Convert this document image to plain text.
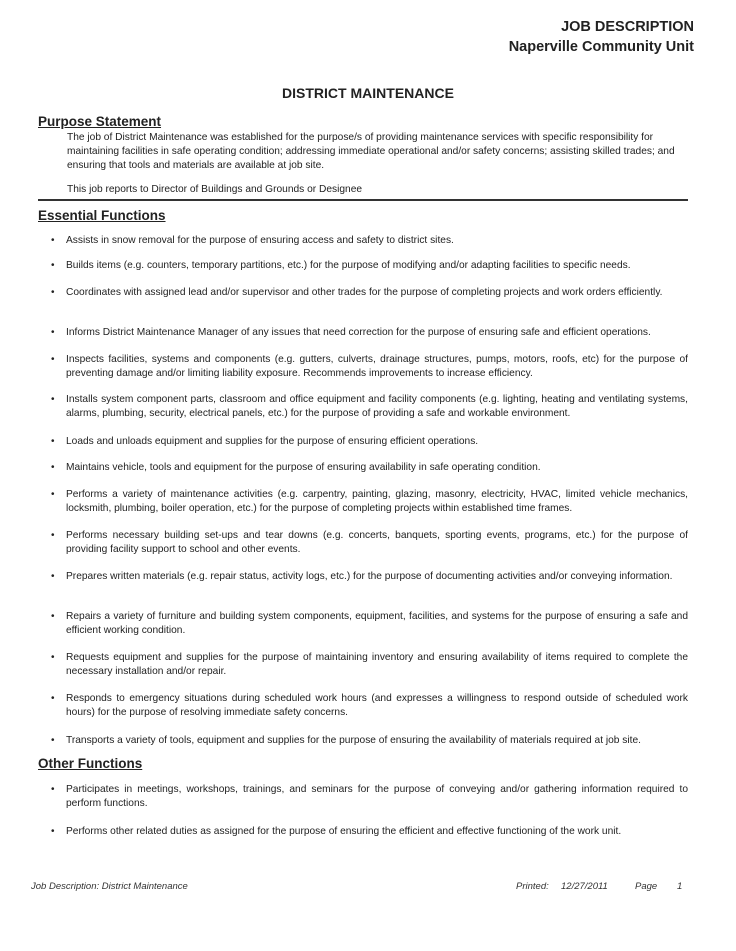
JOB DESCRIPTION
Naperville Community Unit
DISTRICT MAINTENANCE
Purpose Statement
The job of District Maintenance was established for the purpose/s of providing maintenance services with specific responsibility for maintaining facilities in safe operating condition; addressing immediate operational and/or safety concerns; assisting skilled trades; and ensuring that tools and materials are available at job site.
This job reports to Director of Buildings and Grounds or Designee
Essential Functions
• Assists in snow removal for the purpose of ensuring access and safety to district sites.
• Builds items (e.g. counters, temporary partitions, etc.) for the purpose of modifying and/or adapting facilities to specific needs.
• Coordinates with assigned lead and/or supervisor and other trades for the purpose of completing projects and work orders efficiently.
• Informs District Maintenance Manager of any issues that need correction for the purpose of ensuring safe and efficient operations.
• Inspects facilities, systems and components (e.g. gutters, culverts, drainage structures, pumps, motors, roofs, etc) for the purpose of preventing damage and/or limiting liability exposure. Recommends improvements to increase efficiency.
• Installs system component parts, classroom and office equipment and facility components (e.g. lighting, heating and ventilating systems, alarms, plumbing, security, electrical panels, etc.) for the purpose of providing a safe and workable environment.
• Loads and unloads equipment and supplies for the purpose of ensuring efficient operations.
• Maintains vehicle, tools and equipment for the purpose of ensuring availability in safe operating condition.
• Performs a variety of maintenance activities (e.g. carpentry, painting, glazing, masonry, electricity, HVAC, limited vehicle mechanics, locksmith, plumbing, boiler operation, etc.) for the purpose of completing projects within established time frames.
• Performs necessary building set-ups and tear downs (e.g. concerts, banquets, sporting events, programs, etc.) for the purpose of providing facility support to school and other events.
• Prepares written materials (e.g. repair status, activity logs, etc.) for the purpose of documenting activities and/or conveying information.
• Repairs a variety of furniture and building system components, equipment, facilities, and systems for the purpose of ensuring a safe and efficient working condition.
• Requests equipment and supplies for the purpose of maintaining inventory and ensuring availability of items required to complete the necessary installation and/or repair.
• Responds to emergency situations during scheduled work hours (and expresses a willingness to respond outside of scheduled work hours) for the purpose of resolving immediate safety concerns.
• Transports a variety of tools, equipment and supplies for the purpose of ensuring the availability of materials required at job site.
Other Functions
• Participates in meetings, workshops, trainings, and seminars for the purpose of conveying and/or gathering information required to perform functions.
• Performs other related duties as assigned for the purpose of ensuring the efficient and effective functioning of the work unit.
Job Description: District Maintenance	Printed: 12/27/2011	Page 1
